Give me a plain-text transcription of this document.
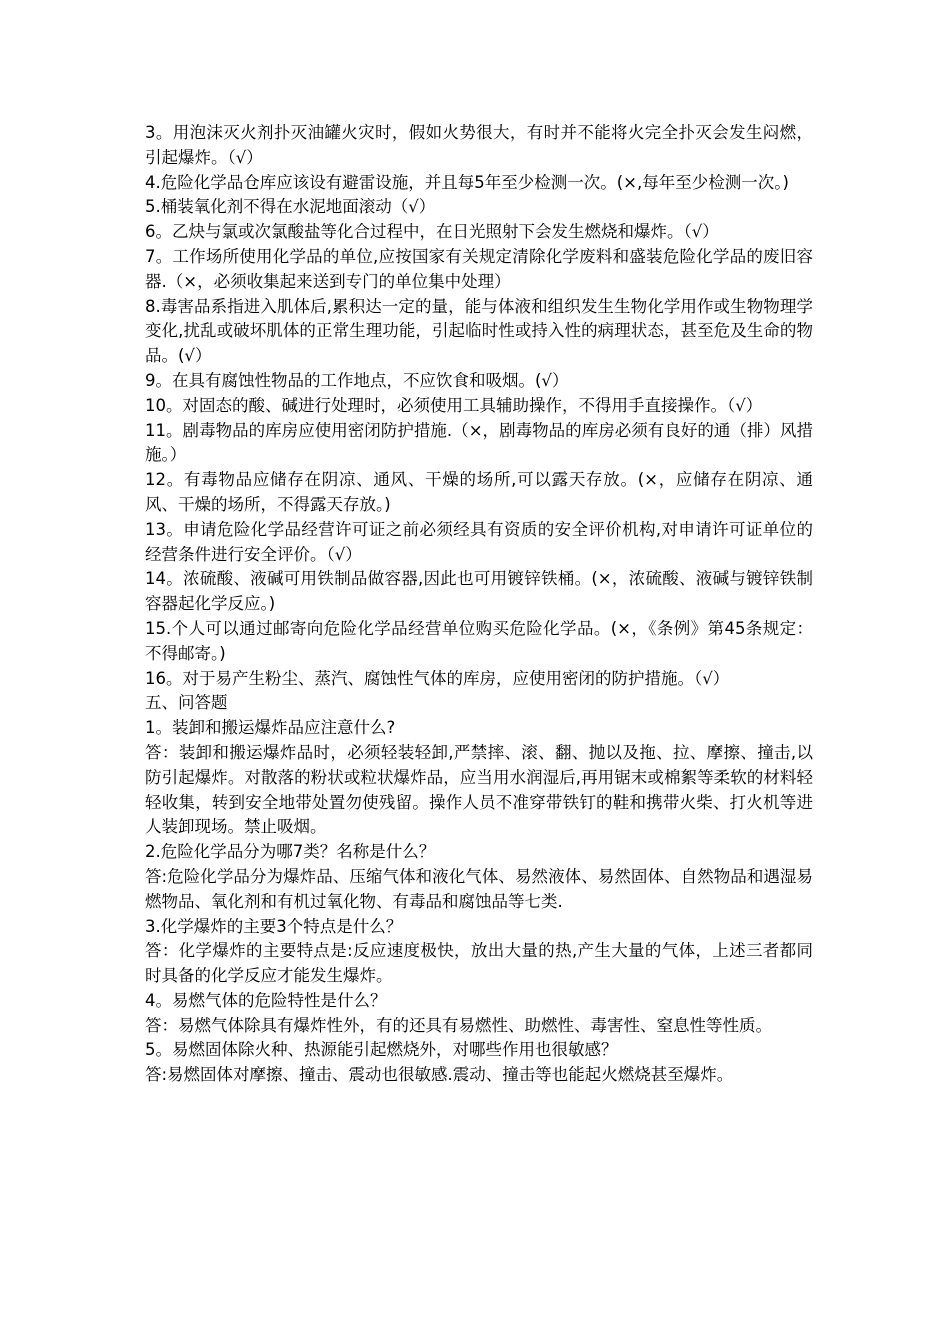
3。用泡沫灭火剂扑灭油罐火灾时，假如火势很大，有时并不能将火完全扑灭会发生闷燃，引起爆炸。（√）

4.危险化学品仓库应该设有避雷设施，并且每5年至少检测一次。(×,每年至少检测一次。)

5.桶装氧化剂不得在水泥地面滚动（√）

6。乙炔与氯或次氯酸盐等化合过程中，在日光照射下会发生燃烧和爆炸。（√）

7。工作场所使用化学品的单位,应按国家有关规定清除化学废料和盛装危险化学品的废旧容器.（×，必须收集起来送到专门的单位集中处理）

8.毒害品系指进入肌体后,累积达一定的量，能与体液和组织发生生物化学用作或生物物理学变化,扰乱或破坏肌体的正常生理功能，引起临时性或持入性的病理状态，甚至危及生命的物品。(√）

9。在具有腐蚀性物品的工作地点，不应饮食和吸烟。(√）

10。对固态的酸、碱进行处理时，必须使用工具辅助操作，不得用手直接操作。（√）

11。剧毒物品的库房应使用密闭防护措施.（×，剧毒物品的库房必须有良好的通（排）风措施。）

12。有毒物品应储存在阴凉、通风、干燥的场所,可以露天存放。(×，应储存在阴凉、通风、干燥的场所，不得露天存放。)

13。申请危险化学品经营许可证之前必须经具有资质的安全评价机构,对申请许可证单位的经营条件进行安全评价。（√）

14。浓硫酸、液碱可用铁制品做容器,因此也可用镀锌铁桶。(×，浓硫酸、液碱与镀锌铁制容器起化学反应。)

15.个人可以通过邮寄向危险化学品经营单位购买危险化学品。(×，《条例》第45条规定：不得邮寄。)

16。对于易产生粉尘、蒸汽、腐蚀性气体的库房，应使用密闭的防护措施。（√）

五、问答题

1。装卸和搬运爆炸品应注意什么?

答：装卸和搬运爆炸品时，必须轻装轻卸,严禁摔、滚、翻、抛以及拖、拉、摩擦、撞击,以防引起爆炸。对散落的粉状或粒状爆炸品，应当用水润湿后,再用锯末或棉絮等柔软的材料轻轻收集，转到安全地带处置勿使残留。操作人员不准穿带铁钉的鞋和携带火柴、打火机等进人装卸现场。禁止吸烟。

2.危险化学品分为哪7类？名称是什么？

答:危险化学品分为爆炸品、压缩气体和液化气体、易然液体、易然固体、自然物品和遇湿易燃物品、氧化剂和有机过氧化物、有毒品和腐蚀品等七类.

3.化学爆炸的主要3个特点是什么？

答：化学爆炸的主要特点是:反应速度极快，放出大量的热,产生大量的气体，上述三者都同时具备的化学反应才能发生爆炸。

4。易燃气体的危险特性是什么？

答：易燃气体除具有爆炸性外，有的还具有易燃性、助燃性、毒害性、窒息性等性质。

5。易燃固体除火种、热源能引起燃烧外，对哪些作用也很敏感？

答:易燃固体对摩擦、撞击、震动也很敏感.震动、撞击等也能起火燃烧甚至爆炸。
